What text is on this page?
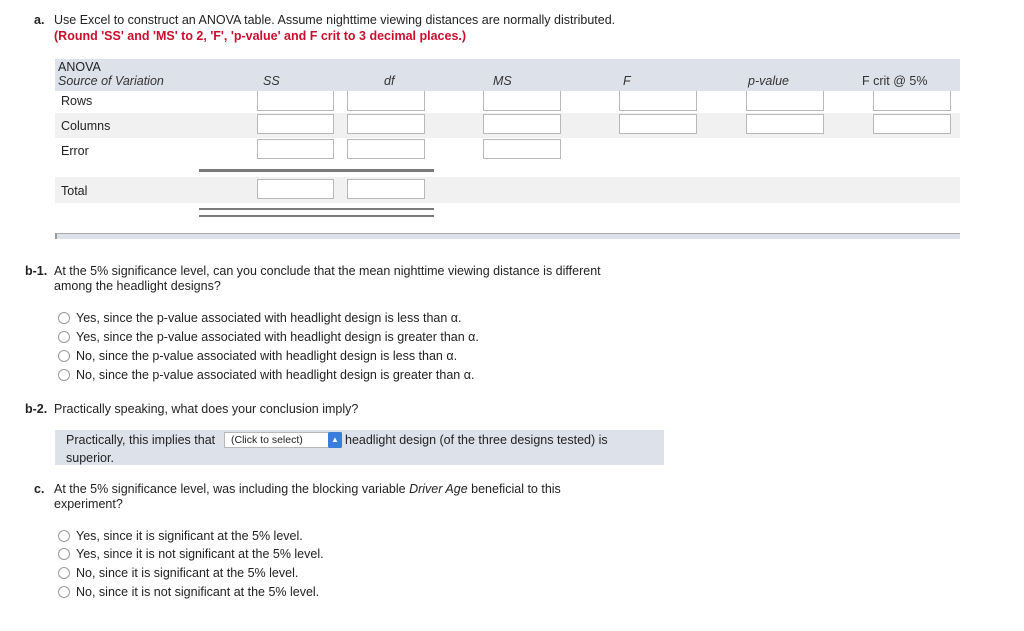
a. Use Excel to construct an ANOVA table. Assume nighttime viewing distances are normally distributed.
(Round 'SS' and 'MS' to 2, 'F', 'p-value' and F crit to 3 decimal places.)
ANOVA
Source of Variation	SS	df	MS	F	p-value	F crit @ 5%
Rows
Columns
Error
Total
b-1. At the 5% significance level, can you conclude that the mean nighttime viewing distance is different among the headlight designs?
Yes, since the p-value associated with headlight design is less than α.
Yes, since the p-value associated with headlight design is greater than α.
No, since the p-value associated with headlight design is less than α.
No, since the p-value associated with headlight design is greater than α.
b-2. Practically speaking, what does your conclusion imply?
Practically, this implies that	(Click to select)	▲ headlight design (of the three designs tested) is
superior.
c. At the 5% significance level, was including the blocking variable Driver Age beneficial to this experiment?
Yes, since it is significant at the 5% level.
Yes, since it is not significant at the 5% level.
No, since it is significant at the 5% level.
No, since it is not significant at the 5% level.
